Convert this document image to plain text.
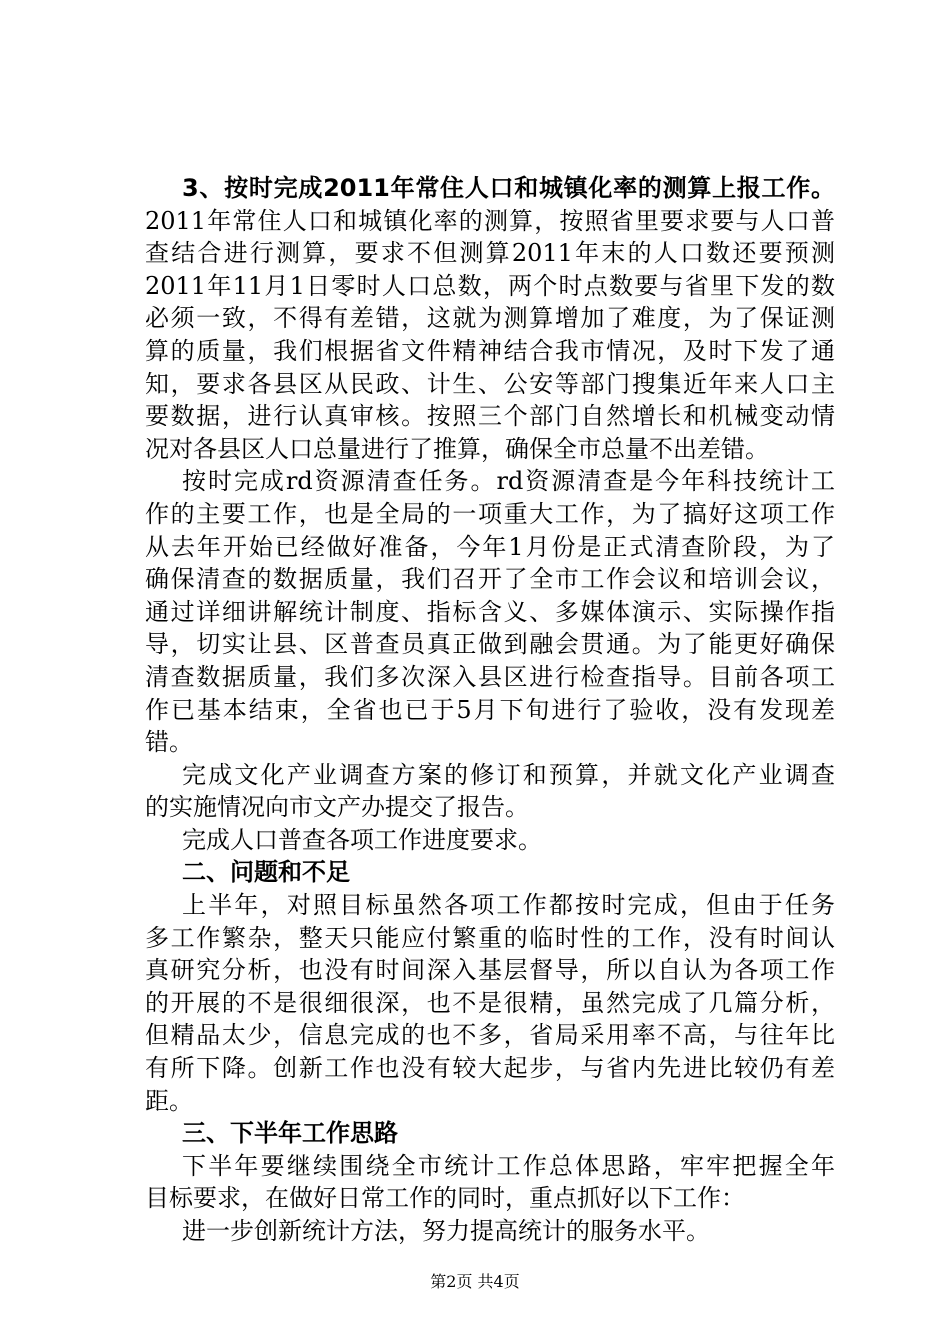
3、按时完成2011年常住人口和城镇化率的测算上报工作。
2011年常住人口和城镇化率的测算，按照省里要求要与人口普
查结合进行测算，要求不但测算2011年末的人口数还要预测
2011年11月1日零时人口总数，两个时点数要与省里下发的数
必须一致，不得有差错，这就为测算增加了难度，为了保证测
算的质量，我们根据省文件精神结合我市情况，及时下发了通
知，要求各县区从民政、计生、公安等部门搜集近年来人口主
要数据，进行认真审核。按照三个部门自然增长和机械变动情
况对各县区人口总量进行了推算，确保全市总量不出差错。
按时完成rd资源清查任务。rd资源清查是今年科技统计工
作的主要工作，也是全局的一项重大工作，为了搞好这项工作
从去年开始已经做好准备，今年1月份是正式清查阶段，为了
确保清查的数据质量，我们召开了全市工作会议和培训会议，
通过详细讲解统计制度、指标含义、多媒体演示、实际操作指
导，切实让县、区普查员真正做到融会贯通。为了能更好确保
清查数据质量，我们多次深入县区进行检查指导。目前各项工
作已基本结束，全省也已于5月下旬进行了验收，没有发现差
错。
完成文化产业调查方案的修订和预算，并就文化产业调查
的实施情况向市文产办提交了报告。
完成人口普查各项工作进度要求。
二、问题和不足
上半年，对照目标虽然各项工作都按时完成，但由于任务
多工作繁杂，整天只能应付繁重的临时性的工作，没有时间认
真研究分析，也没有时间深入基层督导，所以自认为各项工作
的开展的不是很细很深，也不是很精，虽然完成了几篇分析，
但精品太少，信息完成的也不多，省局采用率不高，与往年比
有所下降。创新工作也没有较大起步，与省内先进比较仍有差
距。
三、下半年工作思路
下半年要继续围绕全市统计工作总体思路，牢牢把握全年
目标要求，在做好日常工作的同时，重点抓好以下工作：
进一步创新统计方法，努力提高统计的服务水平。
第2页 共4页
